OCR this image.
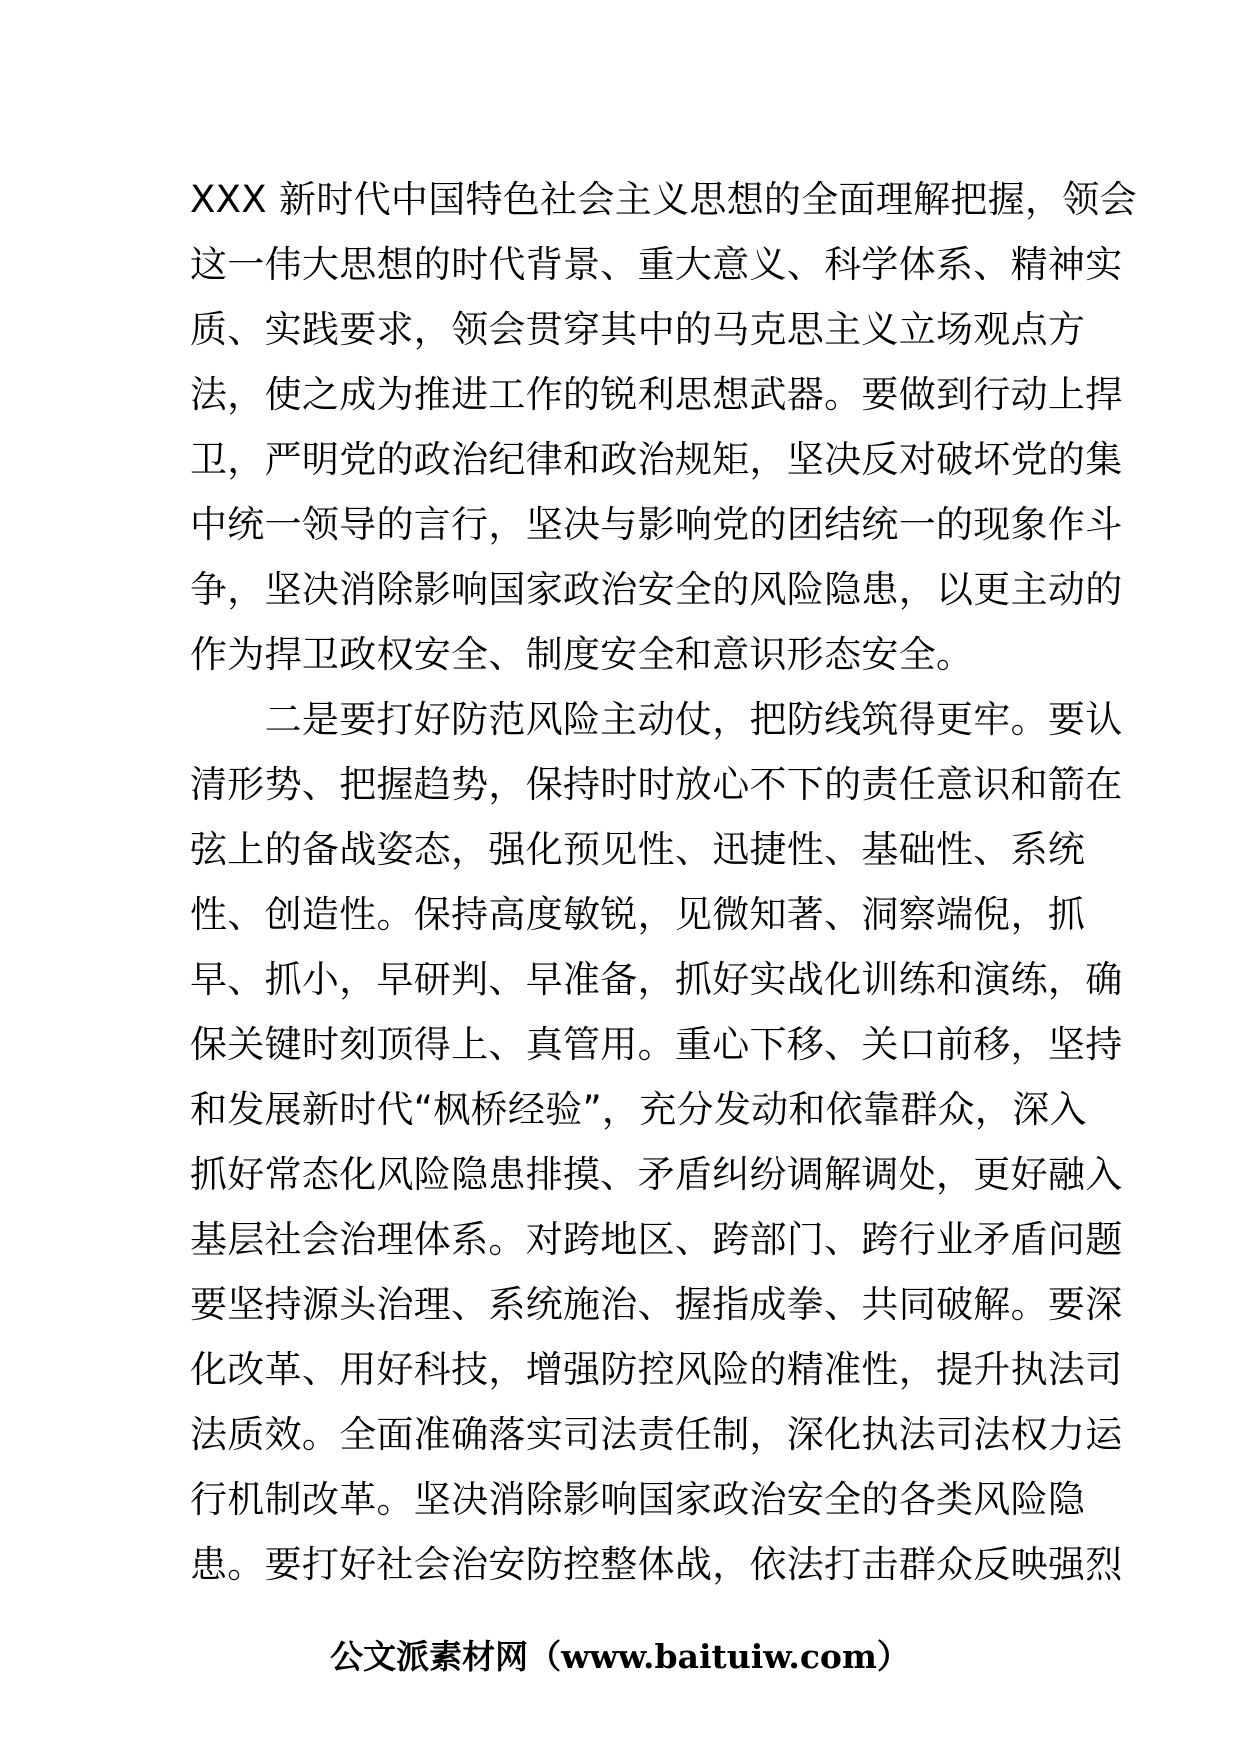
XXX 新时代中国特色社会主义思想的全面理解把握，领会
这一伟大思想的时代背景、重大意义、科学体系、精神实
质、实践要求，领会贯穿其中的马克思主义立场观点方
法，使之成为推进工作的锐利思想武器。要做到行动上捍
卫，严明党的政治纪律和政治规矩，坚决反对破坏党的集
中统一领导的言行，坚决与影响党的团结统一的现象作斗
争，坚决消除影响国家政治安全的风险隐患，以更主动的
作为捍卫政权安全、制度安全和意识形态安全。
　　二是要打好防范风险主动仗，把防线筑得更牢。要认
清形势、把握趋势，保持时时放心不下的责任意识和箭在
弦上的备战姿态，强化预见性、迅捷性、基础性、系统
性、创造性。保持高度敏锐，见微知著、洞察端倪，抓
早、抓小，早研判、早准备，抓好实战化训练和演练，确
保关键时刻顶得上、真管用。重心下移、关口前移，坚持
和发展新时代“枫桥经验”，充分发动和依靠群众，深入
抓好常态化风险隐患排摸、矛盾纠纷调解调处，更好融入
基层社会治理体系。对跨地区、跨部门、跨行业矛盾问题
要坚持源头治理、系统施治、握指成拳、共同破解。要深
化改革、用好科技，增强防控风险的精准性，提升执法司
法质效。全面准确落实司法责任制，深化执法司法权力运
行机制改革。坚决消除影响国家政治安全的各类风险隐
患。要打好社会治安防控整体战，依法打击群众反映强烈
公文派素材网（www.baituiw.com）
